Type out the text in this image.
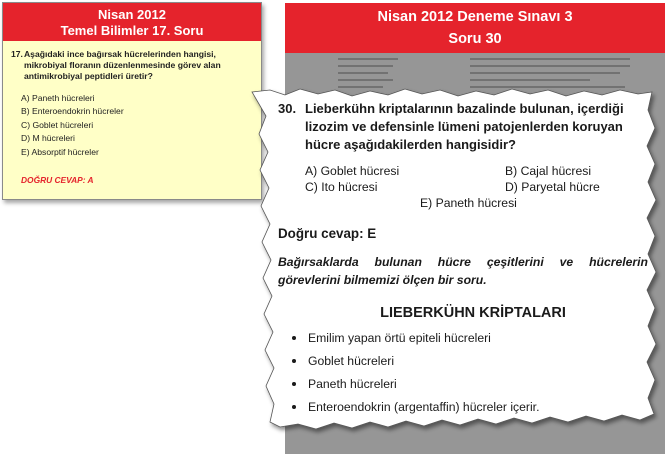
Nisan 2012
Temel Bilimler 17. Soru
17. Aşağıdaki ince bağırsak hücrelerinden hangisi, mikrobiyal floranın düzenlenmesinde görev alan antimikrobiyal peptidleri üretir?
A) Paneth hücreleri
B) Enteroendokrin hücreler
C) Goblet hücreleri
D) M hücreleri
E) Absorptif hücreler
DOĞRU CEVAP: A
Nisan 2012 Deneme Sınavı 3
Soru 30
30. Lieberkühn kriptalarının bazalinde bulunan, içerdiği lizozim ve defensinle lümeni patojenlerden koruyan hücre aşağıdakilerden hangisidir?
A) Goblet hücresi	B) Cajal hücresi
C) Ito hücresi	D) Paryetal hücre
E) Paneth hücresi
Doğru cevap: E
Bağırsaklarda bulunan hücre çeşitlerini ve hücrelerin görevlerini bilmemizi ölçen bir soru.
LIEBERKÜHN KRİPTALARI
Emilim yapan örtü epiteli hücreleri
Goblet hücreleri
Paneth hücreleri
Enteroendokrin (argentaffin) hücreler içerir.
